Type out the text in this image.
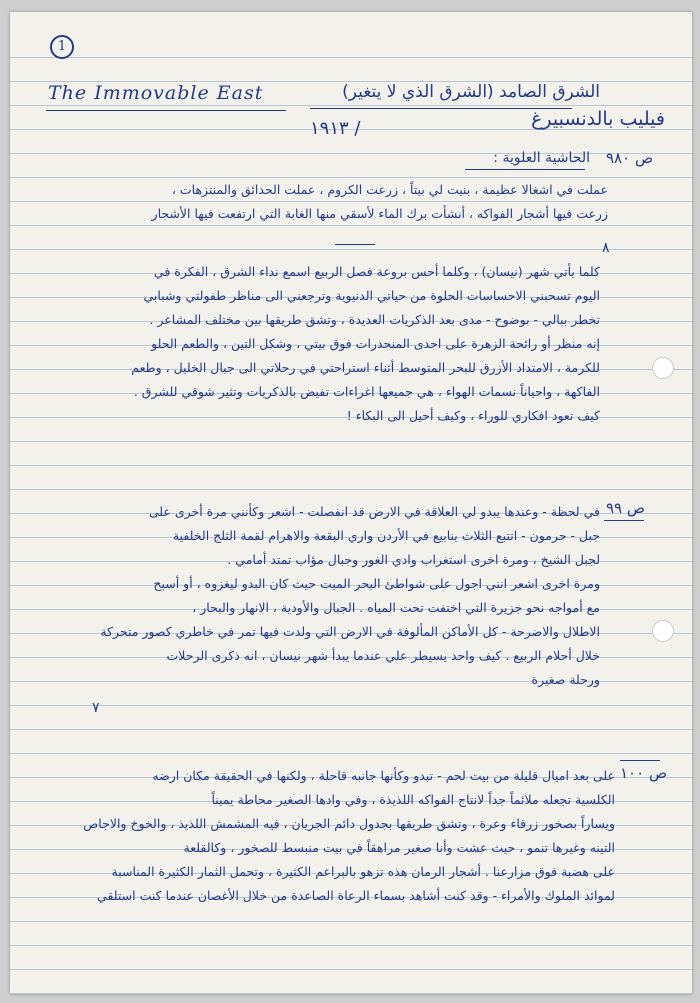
1
The Immovable East	الشرق الصامد (الشرق الذي لا يتغير)
فيليب بالدنسبيرغ
١٩١٣ /
ص ٩٨٠
الحاشية العلوية :
عملت في اشغالا عظيمة ، بنيت لي بيتاً ، زرعت الكروم ، عملت الحدائق والمنتزهات ،
زرعت فيها أشجار الفواكه ، أنشأت برك الماء لأسقي منها الغابة التي ارتفعت فيها الأشجار
٨
كلما يأتي شهر (نيسان) ، وكلما أحس بروعة فصل الربيع اسمع نداء الشرق ، الفكرة في
اليوم تسحبني الاحساسات الحلوة من حياتي الدنيوية وترجعني الى مناظر طفولتي وشبابي
تخطر ببالي - بوضوح - مدى بعد الذكريات العديدة ، وتشق طريقها بين مختلف المشاعر .
إنه منظر أو رائحة الزهرة على احدى المنحدرات فوق بيتي ، وشكل التين ، والطعم الحلو
للكرمة ، الامتداد الأزرق للبحر المتوسط أثناء استراحتي في رحلاتي الى جبال الخليل ، وطعم
الفاكهة ، واحياناً نسمات الهواء ، هي جميعها اغراءات تفيض بالذكريات وتثير شوقي للشرق .
كيف تعود افكاري للوراء ، وكيف أحيل الى البكاء !
ص ٩٩
في لحظة - وعندها يبدو لي العلاقة في الارض قد انفصلت - اشعر وكأنني مرة أخرى على
جبل - حرمون - اتتبع الثلاث ينابيع في الأردن واري البقعة والاهرام لقمة الثلج الخلفية
لجبل الشيخ ، ومرة اخرى استغراب وادي الغور وجبال مؤاب تمتد أمامي .
ومرة اخرى اشعر انني اجول على شواطئ البحر الميت حيث كان البدو ليغزوه ، أو أسبح
مع أمواجه نحو جزيرة التي اختفت تحت المياه . الجبال والأودية ، الانهار والبحار ،
الاطلال والاضرحة - كل الأماكن المألوفة في الارض التي ولدت فيها تمر في خاطري كصور متحركة
خلال أحلام الربيع . كيف واحد يسيطر علي عندما يبدأ شهر نيسان ، انه ذكرى الرحلات
ورحلة صغيرة
٧
ص ١٠٠
على بعد اميال قليلة من بيت لحم - تبدو وكأنها جانبه قاحلة ، ولكنها في الحقيقة مكان ارضه
الكلسية تجعله ملائماً جداً لانتاج الفواكه اللذيذة ، وفي وادها الصغير محاطة يميناً
ويساراً بصخور زرقاء وعرة ، وتشق طريقها بجدول دائم الجريان ، فيه المشمش اللذيذ ، والخوخ والاجاص
التينه وغيرها تنمو ، حيث عشت وأنا صغير مراهقاً في بيت منبسط للصخور ، وكالقلعة
على هضبة فوق مزارعنا . أشجار الرمان هذه تزهو بالبراعم الكثيرة ، وتحمل الثمار الكثيرة المناسبة
لموائد الملوك والأمراء - وقد كنت أشاهد بسماء الرعاة الصاعدة من خلال الأغصان عندما كنت استلقي
